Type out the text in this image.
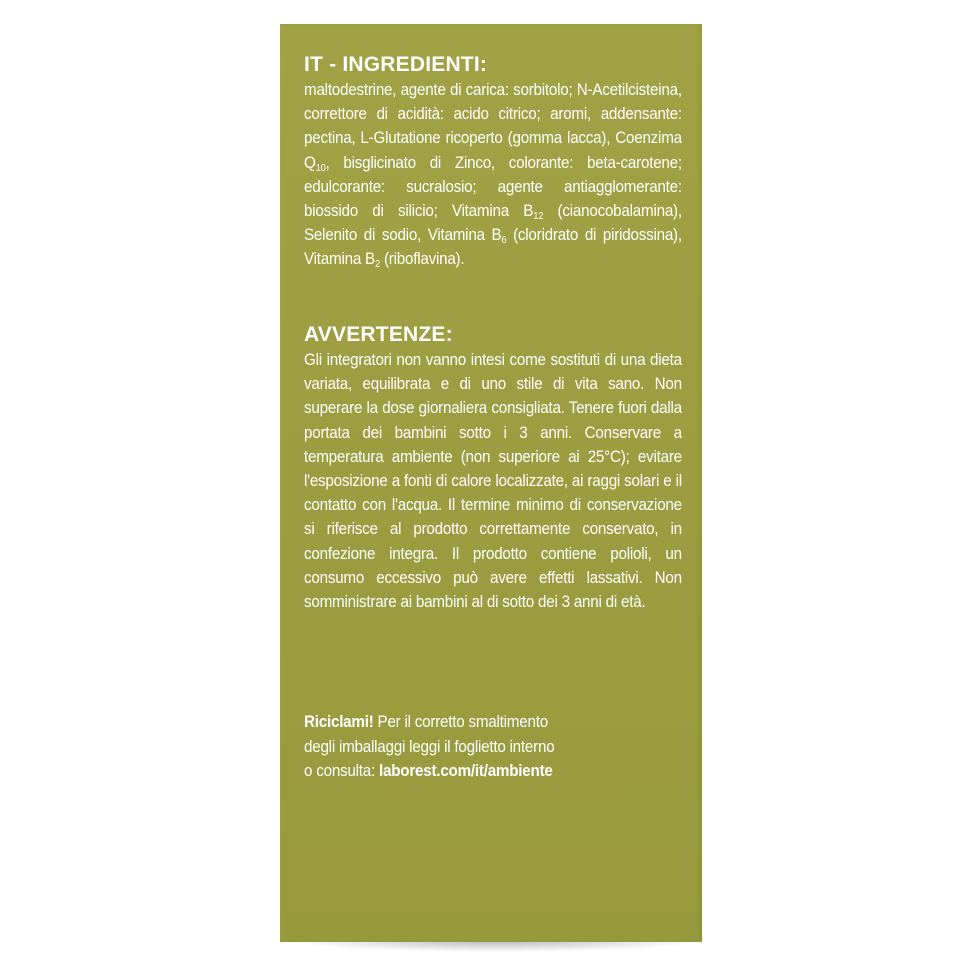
IT - INGREDIENTI:

maltodestrine, agente di carica: sorbitolo; N-Acetilcisteina, correttore di acidità: acido citrico; aromi, addensante: pectina, L-Glutatione ricoperto (gomma lacca), Coenzima $Q_{10}$, bisglicinato di Zinco, colorante: beta-carotene; edulcorante: sucralosio; agente antiagglomerante: biossido di silicio; Vitamina $B_{12}$ (cianocobalamina), Selenito di sodio, Vitamina $B_6$ (cloridrato di piridossina), Vitamina $B_2$ (riboflavina).

AVVERTENZE:

Gli integratori non vanno intesi come sostituti di una dieta variata, equilibrata e di uno stile di vita sano. Non superare la dose giornaliera consigliata. Tenere fuori dalla portata dei bambini sotto i 3 anni. Conservare a temperatura ambiente (non superiore ai 25°C); evitare l'esposizione a fonti di calore localizzate, ai raggi solari e il contatto con l'acqua. Il termine minimo di conservazione si riferisce al prodotto correttamente conservato, in confezione integra. Il prodotto contiene polioli, un consumo eccessivo può avere effetti lassativi. Non somministrare ai bambini al di sotto dei 3 anni di età.

Riciclami! Per il corretto smaltimento
degli imballaggi leggi il foglietto interno
o consulta: laborest.com/it/ambiente
